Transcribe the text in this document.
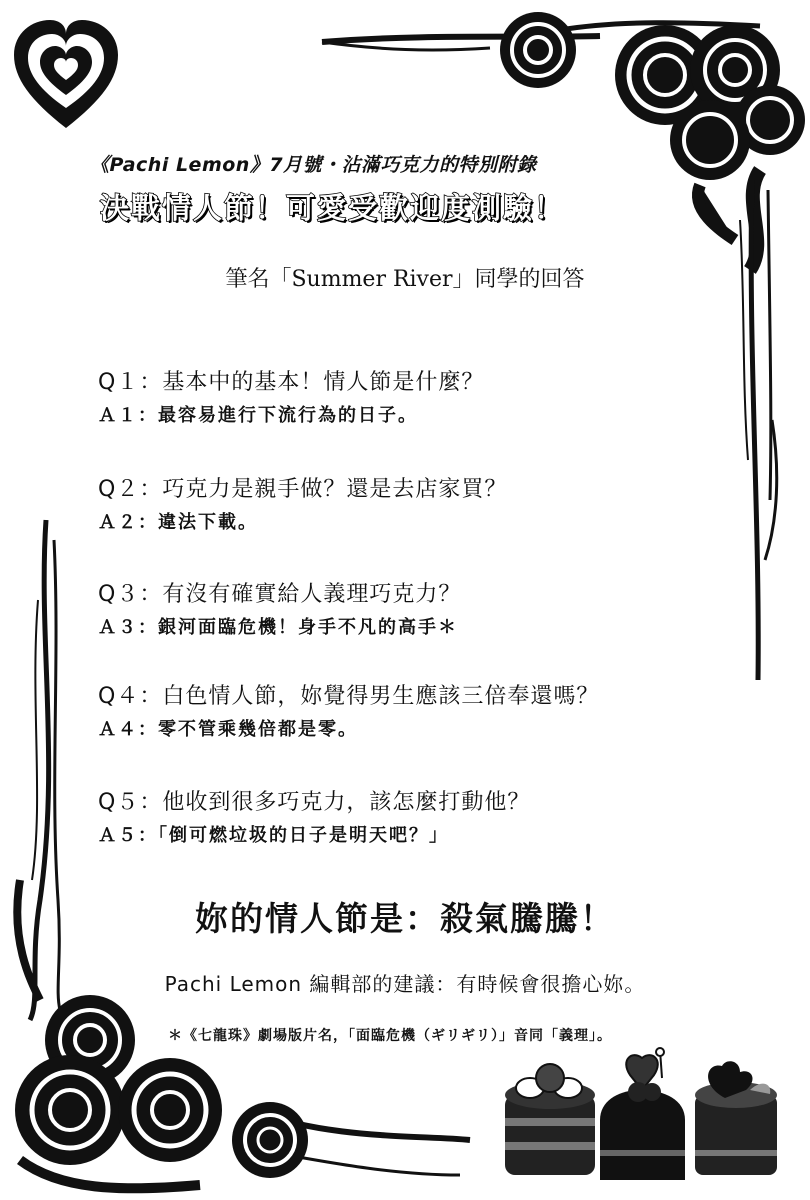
《Pachi Lemon》7月號・沾滿巧克力的特別附錄
決戰情人節！可愛受歡迎度測驗！
筆名「Summer River」同學的回答
Q１：基本中的基本！情人節是什麼？
Ａ１：最容易進行下流行為的日子。
Q２：巧克力是親手做？還是去店家買？
Ａ２：違法下載。
Q３：有沒有確實給人義理巧克力？
Ａ３：銀河面臨危機！身手不凡的高手＊
Q４：白色情人節，妳覺得男生應該三倍奉還嗎？
Ａ４：零不管乘幾倍都是零。
Q５：他收到很多巧克力，該怎麼打動他？
Ａ５：「倒可燃垃圾的日子是明天吧？」
妳的情人節是：殺氣騰騰！
Pachi Lemon 編輯部的建議：有時候會很擔心妳。
＊《七龍珠》劇場版片名，「面臨危機（ギリギリ）」音同「義理」。
